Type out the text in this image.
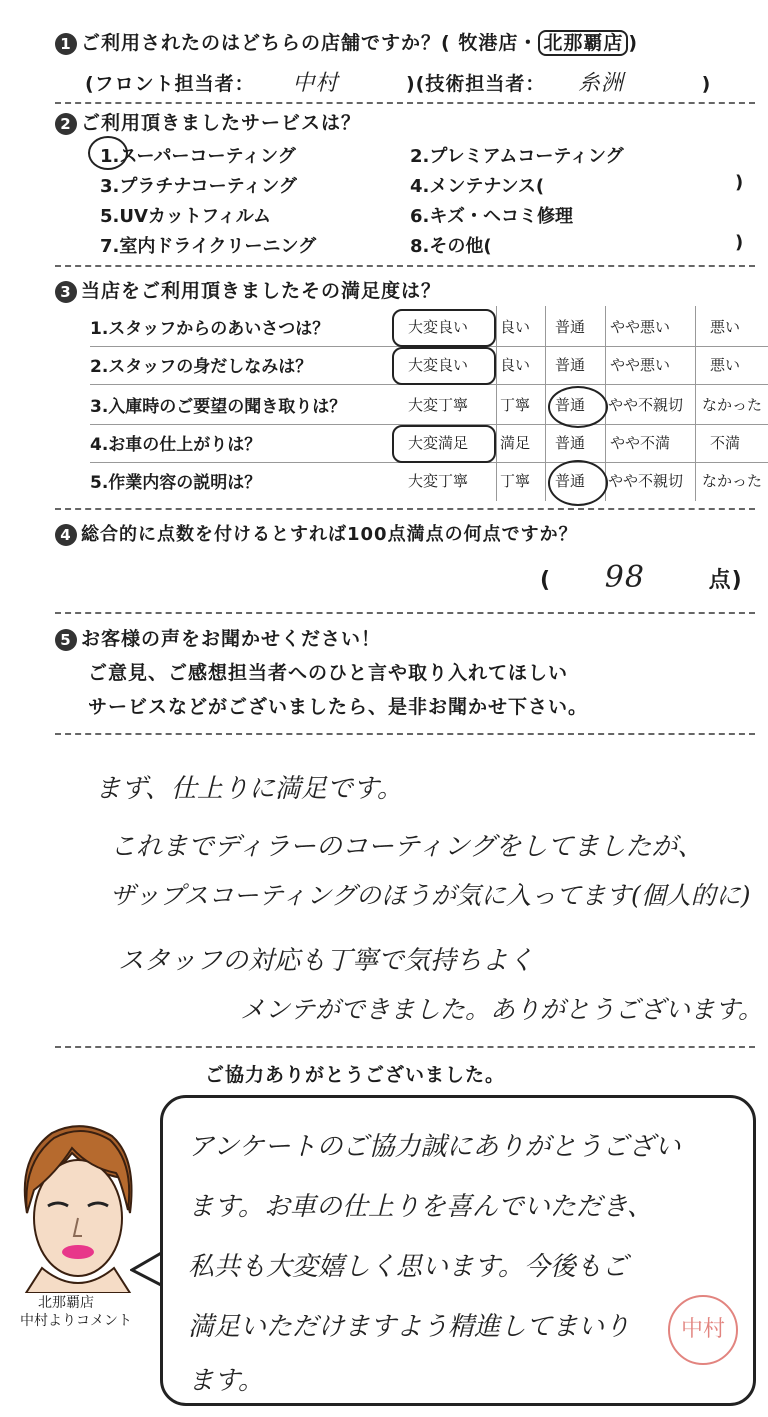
1 ご利用されたのはどちらの店舗ですか？( 牧港店・ 北那覇店 )
(フロント担当者： 中村	)(技術担当者： 糸洲	)
2 ご利用頂きましたサービスは？
1.スーパーコーティング	2.プレミアムコーティング
3.プラチナコーティング	4.メンテナンス(	)
5.UVカットフィルム	6.キズ・ヘコミ修理
7.室内ドライクリーニング	8.その他(	)
3 当店をご利用頂きましたその満足度は？
1.スタッフからのあいさつは？	大変良い 良い 普通 やや悪い	悪い
2.スタッフの身だしなみは？	大変良い 良い 普通 やや悪い	悪い
3.入庫時のご要望の聞き取りは？	大変丁寧 丁寧 普通 やや不親切 なかった
4.お車の仕上がりは？	大変満足 満足 普通 やや不満	不満
5.作業内容の説明は？	大変丁寧 丁寧 普通 やや不親切 なかった
4 総合的に点数を付けるとすれば100点満点の何点ですか？
( 98	点)
5 お客様の声をお聞かせください！
ご意見、ご感想担当者へのひと言や取り入れてほしい
サービスなどがございましたら、是非お聞かせ下さい。
まず、仕上りに満足です。
これまでディラーのコーティングをしてましたが、
ザップスコーティングのほうが気に入ってます(個人的に)
スタッフの対応も丁寧で気持ちよく
メンテができました。ありがとうございます。
ご協力ありがとうございました。
北那覇店
中村よりコメント
アンケートのご協力誠にありがとうござい
ます。お車の仕上りを喜んでいただき、
私共も大変嬉しく思います。今後もご
満足いただけますよう精進してまいり
ます。
中村
